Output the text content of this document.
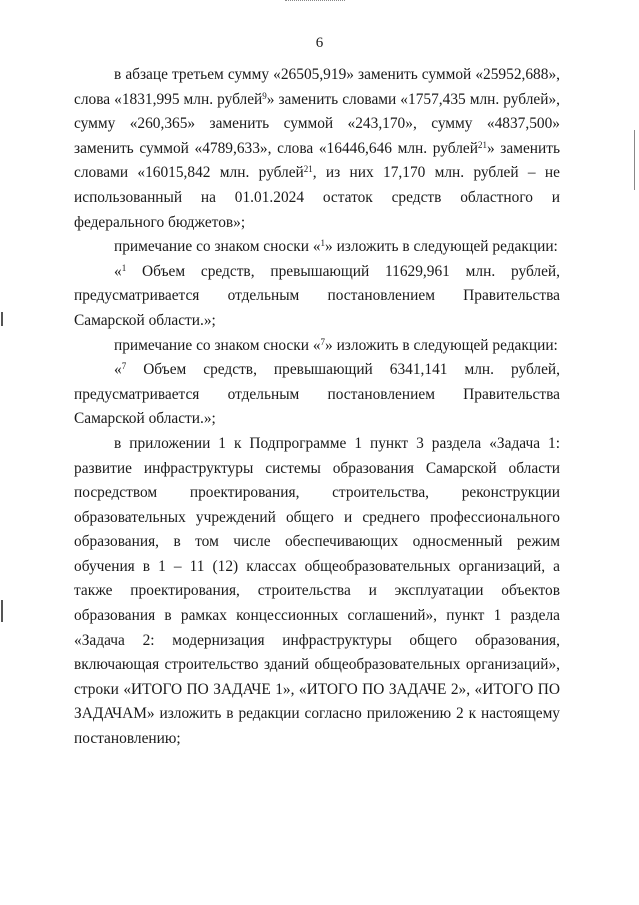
6

в абзаце третьем сумму «26505,919» заменить суммой «25952,688», слова «1831,995 млн. рублей$^9$» заменить словами «1757,435 млн. рублей», сумму «260,365» заменить суммой «243,170», сумму «4837,500» заменить суммой «4789,633», слова «16446,646 млн. рублей$^{21}$» заменить словами «16015,842 млн. рублей$^{21}$, из них 17,170 млн. рублей – не использованный на 01.01.2024 остаток средств областного и федерального бюджетов»;

примечание со знаком сноски «$^1$» изложить в следующей редакции:

«$^1$ Объем средств, превышающий 11629,961 млн. рублей, предусматривается отдельным постановлением Правительства Самарской области.»;

примечание со знаком сноски «$^7$» изложить в следующей редакции:

«$^7$ Объем средств, превышающий 6341,141 млн. рублей, предусматривается отдельным постановлением Правительства Самарской области.»;

в приложении 1 к Подпрограмме 1 пункт 3 раздела «Задача 1: развитие инфраструктуры системы образования Самарской области посредством проектирования, строительства, реконструкции образовательных учреждений общего и среднего профессионального образования, в том числе обеспечивающих односменный режим обучения в 1 – 11 (12) классах общеобразовательных организаций, а также проектирования, строительства и эксплуатации объектов образования в рамках концессионных соглашений», пункт 1 раздела «Задача 2: модернизация инфраструктуры общего образования, включающая строительство зданий общеобразовательных организаций», строки «ИТОГО ПО ЗАДАЧЕ 1», «ИТОГО ПО ЗАДАЧЕ 2», «ИТОГО ПО ЗАДАЧАМ» изложить в редакции согласно приложению 2 к настоящему постановлению;
